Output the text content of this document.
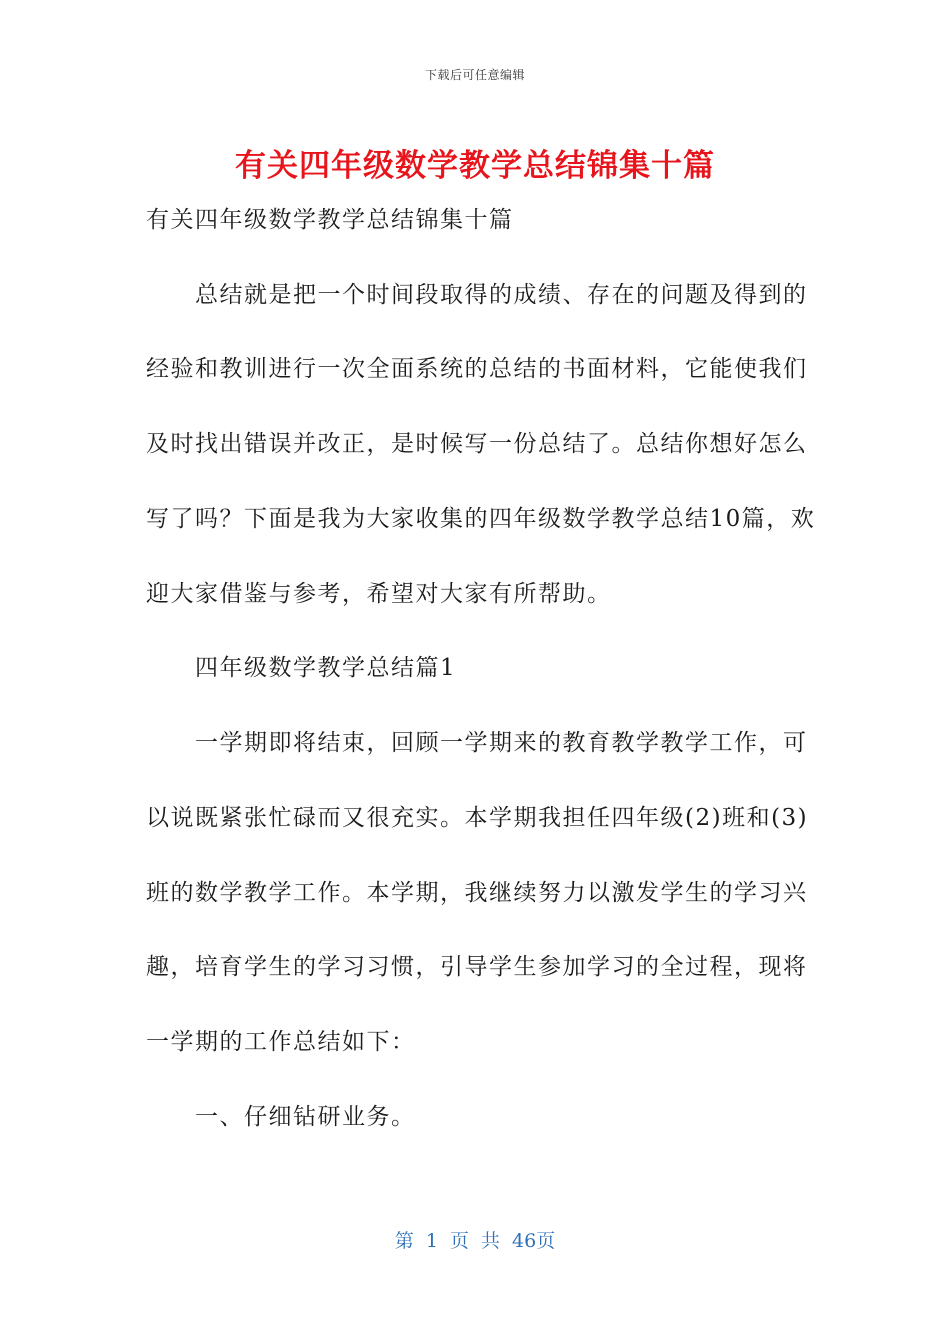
下载后可任意编辑
有关四年级数学教学总结锦集十篇
有关四年级数学教学总结锦集十篇
　　总结就是把一个时间段取得的成绩、存在的问题及得到的
经验和教训进行一次全面系统的总结的书面材料，它能使我们
及时找出错误并改正，是时候写一份总结了。总结你想好怎么
写了吗？下面是我为大家收集的四年级数学教学总结10篇，欢
迎大家借鉴与参考，希望对大家有所帮助。
　　四年级数学教学总结篇1
　　一学期即将结束，回顾一学期来的教育教学教学工作，可
以说既紧张忙碌而又很充实。本学期我担任四年级(2)班和(3)
班的数学教学工作。本学期，我继续努力以激发学生的学习兴
趣，培育学生的学习习惯，引导学生参加学习的全过程，现将
一学期的工作总结如下：
　　一、仔细钻研业务。
第 1 页 共 46页
